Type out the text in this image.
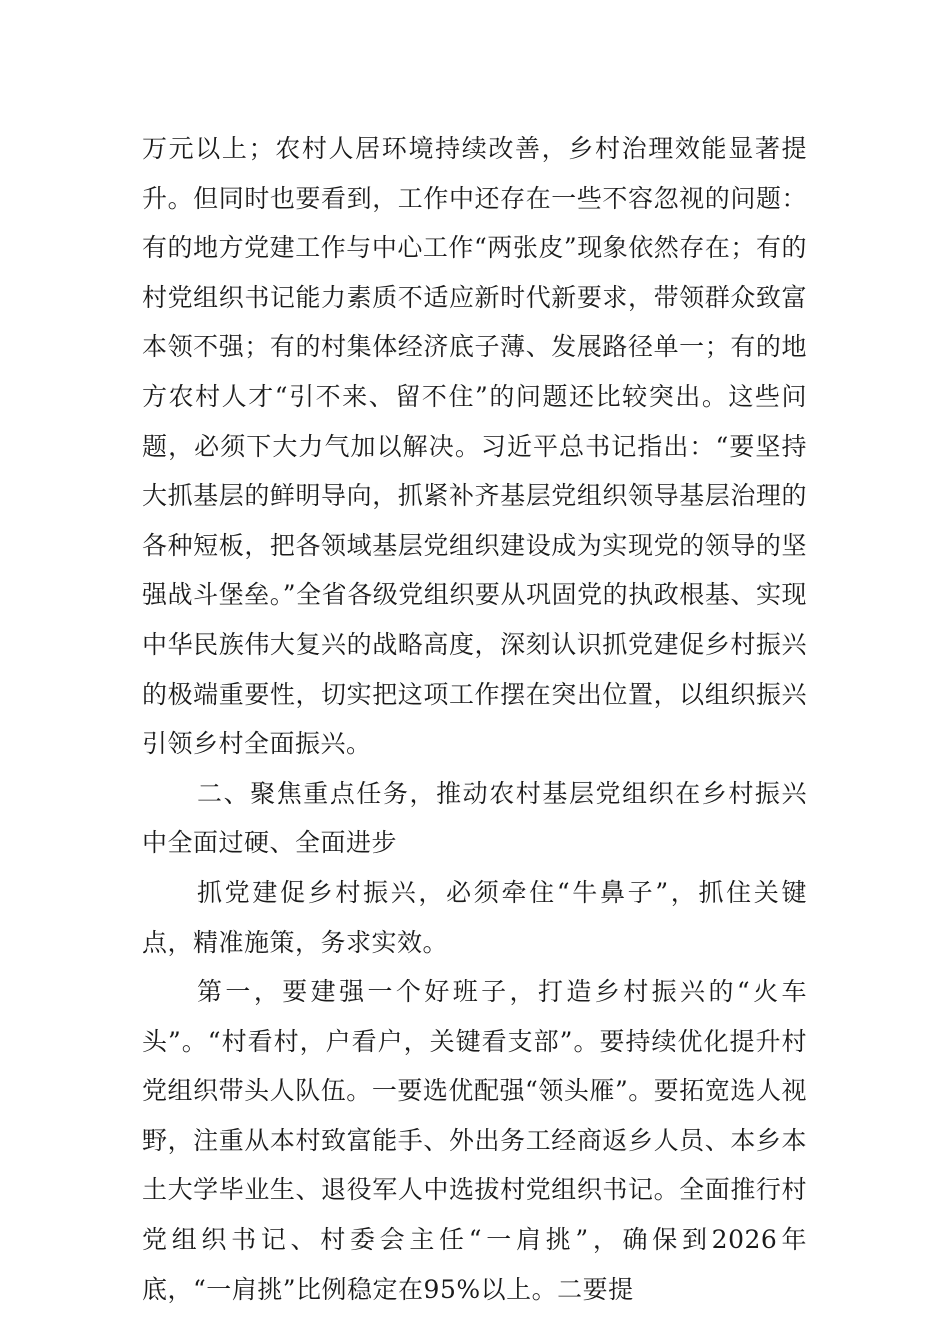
万元以上；农村人居环境持续改善，乡村治理效能显著提升。但同时也要看到，工作中还存在一些不容忽视的问题：有的地方党建工作与中心工作“两张皮”现象依然存在；有的村党组织书记能力素质不适应新时代新要求，带领群众致富本领不强；有的村集体经济底子薄、发展路径单一；有的地方农村人才“引不来、留不住”的问题还比较突出。这些问题，必须下大力气加以解决。习近平总书记指出：“要坚持大抓基层的鲜明导向，抓紧补齐基层党组织领导基层治理的各种短板，把各领域基层党组织建设成为实现党的领导的坚强战斗堡垒。”全省各级党组织要从巩固党的执政根基、实现中华民族伟大复兴的战略高度，深刻认识抓党建促乡村振兴的极端重要性，切实把这项工作摆在突出位置，以组织振兴引领乡村全面振兴。

二、聚焦重点任务，推动农村基层党组织在乡村振兴中全面过硬、全面进步

抓党建促乡村振兴，必须牵住“牛鼻子”，抓住关键点，精准施策，务求实效。

第一，要建强一个好班子，打造乡村振兴的“火车头”。“村看村，户看户，关键看支部”。要持续优化提升村党组织带头人队伍。一要选优配强“领头雁”。要拓宽选人视野，注重从本村致富能手、外出务工经商返乡人员、本乡本土大学毕业生、退役军人中选拔村党组织书记。全面推行村党组织书记、村委会主任“一肩挑”，确保到2026年底，“一肩挑”比例稳定在95%以上。二要提
